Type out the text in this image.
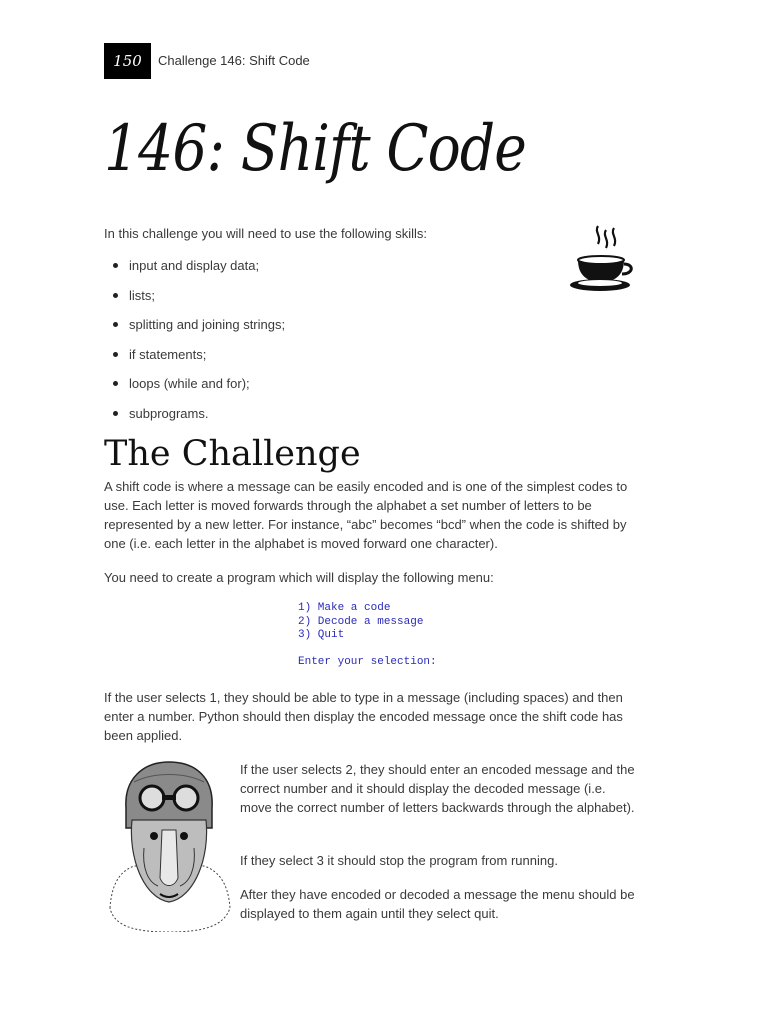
150 Challenge 146: Shift Code
146: Shift Code

In this challenge you will need to use the following skills:

input and display data;
lists;
splitting and joining strings;
if statements;
loops (while and for);
subprograms.
The Challenge

A shift code is where a message can be easily encoded and is one of the simplest codes to use. Each letter is moved forwards through the alphabet a set number of letters to be represented by a new letter. For instance, “abc” becomes “bcd” when the code is shifted by one (i.e. each letter in the alphabet is moved forward one character).

You need to create a program which will display the following menu:

1) Make a code
2) Decode a message
3) Quit
Enter your selection:

If the user selects 1, they should be able to type in a message (including spaces) and then enter a number. Python should then display the encoded message once the shift code has been applied.

If the user selects 2, they should enter an encoded message and the correct number and it should display the decoded message (i.e. move the correct number of letters backwards through the alphabet).

If they select 3 it should stop the program from running.

After they have encoded or decoded a message the menu should be displayed to them again until they select quit.
